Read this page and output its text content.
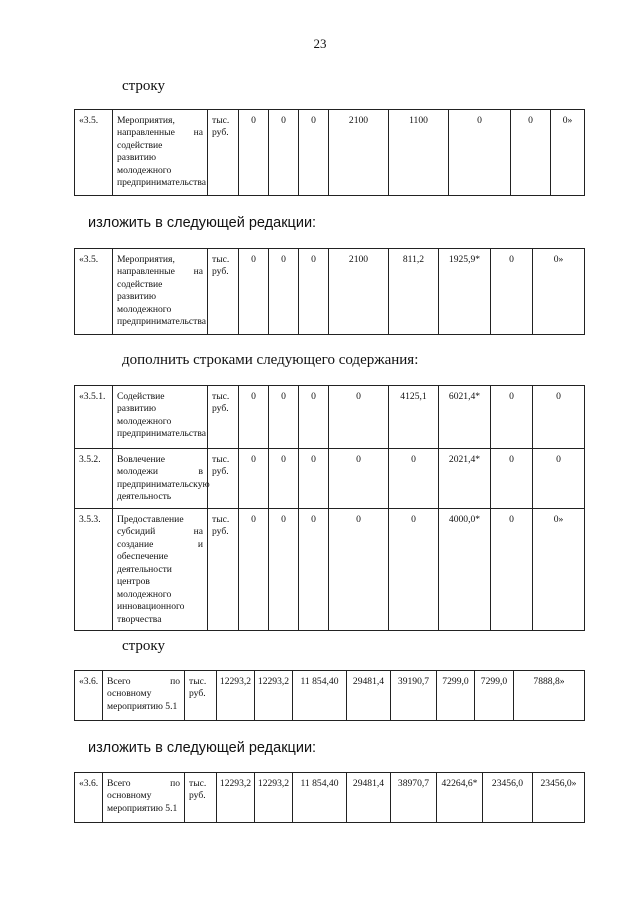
23
строку
«3.5.	Мероприятия, направленные на содействие развитию молодежного предпринимательства	тыс. руб.	0	0	0	2100	1100	0	0	0»
изложить в следующей редакции:
«3.5.	Мероприятия, направленные на содействие развитию молодежного предпринимательства	тыс. руб.	0	0	0	2100	811,2	1925,9*	0	0»
дополнить строками следующего содержания:
«3.5.1.	Содействие развитию молодежного предпринимательства	тыс. руб.	0	0	0	0	4125,1	6021,4*	0	0
3.5.2.	Вовлечение молодежи в предпринимательскую деятельность	тыс. руб.	0	0	0	0	0	2021,4*	0	0
3.5.3.	Предоставление субсидий на создание и обеспечение деятельности центров молодежного инновационного творчества	тыс. руб.	0	0	0	0	0	4000,0*	0	0»
строку
«3.6.	Всего по основному мероприятию 5.1	тыс. руб.	12293,2	12293,2	11 854,40	29481,4	39190,7	7299,0	7299,0	7888,8»
изложить в следующей редакции:
«3.6.	Всего по основному мероприятию 5.1	тыс. руб.	12293,2	12293,2	11 854,40	29481,4	38970,7	42264,6*	23456,0	23456,0»
